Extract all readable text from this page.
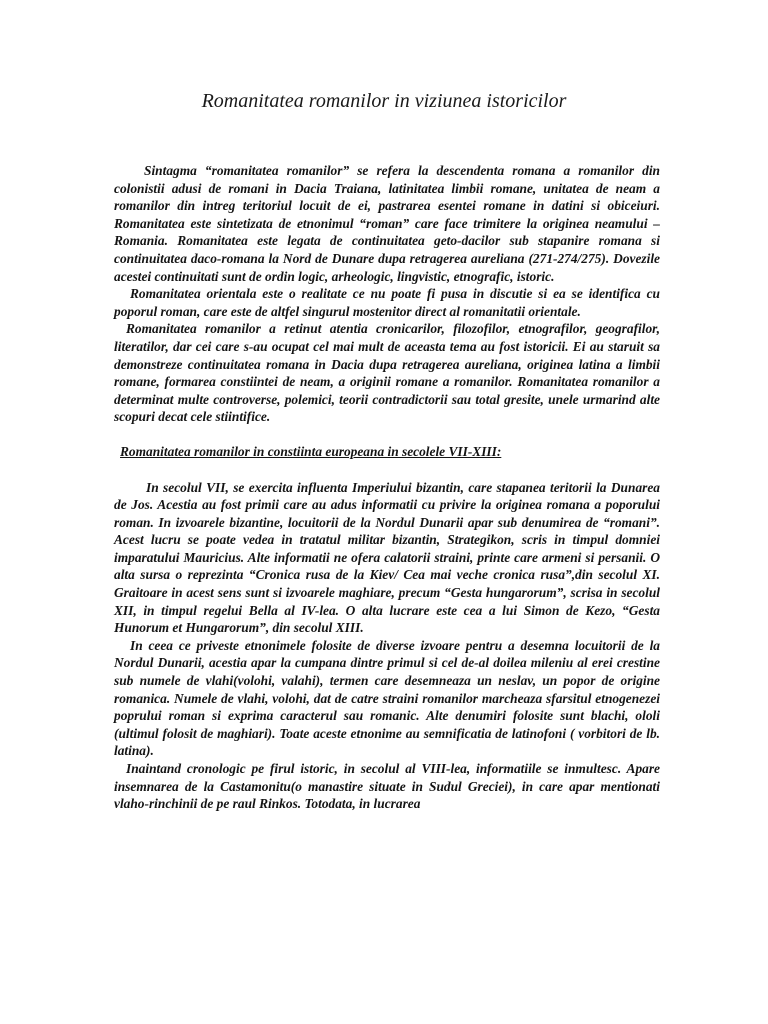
Romanitatea romanilor in viziunea istoricilor

Sintagma “romanitatea romanilor” se refera la descendenta romana a romanilor din colonistii adusi de romani in Dacia Traiana, latinitatea limbii romane, unitatea de neam a romanilor din intreg teritoriul locuit de ei, pastrarea esentei romane in datini si obiceiuri. Romanitatea este sintetizata de etnonimul “roman” care face trimitere la originea neamului – Romania. Romanitatea este legata de continuitatea geto-dacilor sub stapanire romana si continuitatea daco-romana la Nord de Dunare dupa retragerea aureliana (271-274/275). Dovezile acestei continuitati sunt de ordin logic, arheologic, lingvistic, etnografic, istoric.

Romanitatea orientala este o realitate ce nu poate fi pusa in discutie si ea se identifica cu poporul roman, care este de altfel singurul mostenitor direct al romanitatii orientale.

Romanitatea romanilor a retinut atentia cronicarilor, filozofilor, etnografilor, geografilor, literatilor, dar cei care s-au ocupat cel mai mult de aceasta tema au fost istoricii. Ei au staruit sa demonstreze continuitatea romana in Dacia dupa retragerea aureliana, originea latina a limbii romane, formarea constiintei de neam, a originii romane a romanilor. Romanitatea romanilor a determinat multe controverse, polemici, teorii contradictorii sau total gresite, unele urmarind alte scopuri decat cele stiintifice.

Romanitatea romanilor in constiinta europeana in secolele VII-XIII:

In secolul VII, se exercita influenta Imperiului bizantin, care stapanea teritorii la Dunarea de Jos. Acestia au fost primii care au adus informatii cu privire la originea romana a poporului roman. In izvoarele bizantine, locuitorii de la Nordul Dunarii apar sub denumirea de “romani”. Acest lucru se poate vedea in tratatul militar bizantin, Strategikon, scris in timpul domniei imparatului Mauricius. Alte informatii ne ofera calatorii straini, printe care armeni si persanii. O alta sursa o reprezinta “Cronica rusa de la Kiev/ Cea mai veche cronica rusa”,din secolul XI. Graitoare in acest sens sunt si izvoarele maghiare, precum “Gesta hungarorum”, scrisa in secolul XII, in timpul regelui Bella al IV-lea. O alta lucrare este cea a lui Simon de Kezo, “Gesta Hunorum et Hungarorum”, din secolul XIII.

In ceea ce priveste etnonimele folosite de diverse izvoare pentru a desemna locuitorii de la Nordul Dunarii, acestia apar la cumpana dintre primul si cel de-al doilea mileniu al erei crestine sub numele de vlahi(volohi, valahi), termen care desemneaza un neslav, un popor de origine romanica. Numele de vlahi, volohi, dat de catre straini romanilor marcheaza sfarsitul etnogenezei poprului roman si exprima caracterul sau romanic. Alte denumiri folosite sunt blachi, ololi (ultimul folosit de maghiari). Toate aceste etnonime au semnificatia de latinofoni ( vorbitori de lb. latina).

Inaintand cronologic pe firul istoric, in secolul al VIII-lea, informatiile se inmultesc. Apare insemnarea de la Castamonitu(o manastire situate in Sudul Greciei), in care apar mentionati vlaho-rinchinii de pe raul Rinkos. Totodata, in lucrarea
